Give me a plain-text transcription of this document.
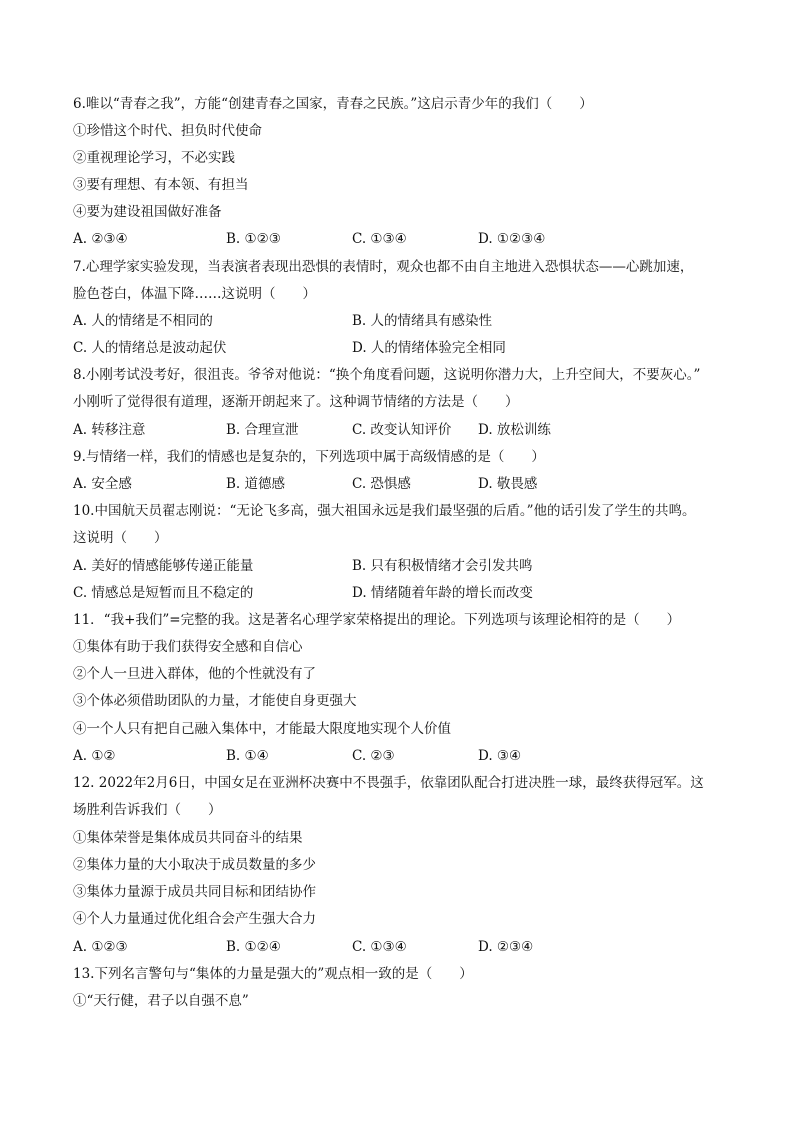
6.唯以“青春之我”，方能“创建青春之国家，青春之民族。”这启示青少年的我们（　　）
①珍惜这个时代、担负时代使命
②重视理论学习，不必实践
③要有理想、有本领、有担当
④要为建设祖国做好准备
A. ②③④	B. ①②③	C. ①③④	D. ①②③④
7.心理学家实验发现，当表演者表现出恐惧的表情时，观众也都不由自主地进入恐惧状态——心跳加速，
脸色苍白，体温下降……这说明（　　）
A. 人的情绪是不相同的	B. 人的情绪具有感染性
C. 人的情绪总是波动起伏	D. 人的情绪体验完全相同
8.小刚考试没考好，很沮丧。爷爷对他说：“换个角度看问题，这说明你潜力大，上升空间大，不要灰心。”
小刚听了觉得很有道理，逐渐开朗起来了。这种调节情绪的方法是（　　）
A. 转移注意	B. 合理宣泄	C. 改变认知评价 D. 放松训练
9.与情绪一样，我们的情感也是复杂的，下列选项中属于高级情感的是（　　）
A. 安全感	B. 道德感	C. 恐惧感	D. 敬畏感
10.中国航天员翟志刚说：“无论飞多高，强大祖国永远是我们最坚强的后盾。”他的话引发了学生的共鸣。
这说明（　　）
A. 美好的情感能够传递正能量	B. 只有积极情绪才会引发共鸣
C. 情感总是短暂而且不稳定的	D. 情绪随着年龄的增长而改变
11．“我+我们”=完整的我。这是著名心理学家荣格提出的理论。下列选项与该理论相符的是（　　）
①集体有助于我们获得安全感和自信心
②个人一旦进入群体，他的个性就没有了
③个体必须借助团队的力量，才能使自身更强大
④一个人只有把自己融入集体中，才能最大限度地实现个人价值
A. ①②	B. ①④	C. ②③	D. ③④
12. 2022年2月6日，中国女足在亚洲杯决赛中不畏强手，依靠团队配合打进决胜一球，最终获得冠军。这
场胜利告诉我们（　　）
①集体荣誉是集体成员共同奋斗的结果
②集体力量的大小取决于成员数量的多少
③集体力量源于成员共同目标和团结协作
④个人力量通过优化组合会产生强大合力
A. ①②③	B. ①②④	C. ①③④	D. ②③④
13.下列名言警句与“集体的力量是强大的”观点相一致的是（　　）
①“天行健，君子以自强不息”
